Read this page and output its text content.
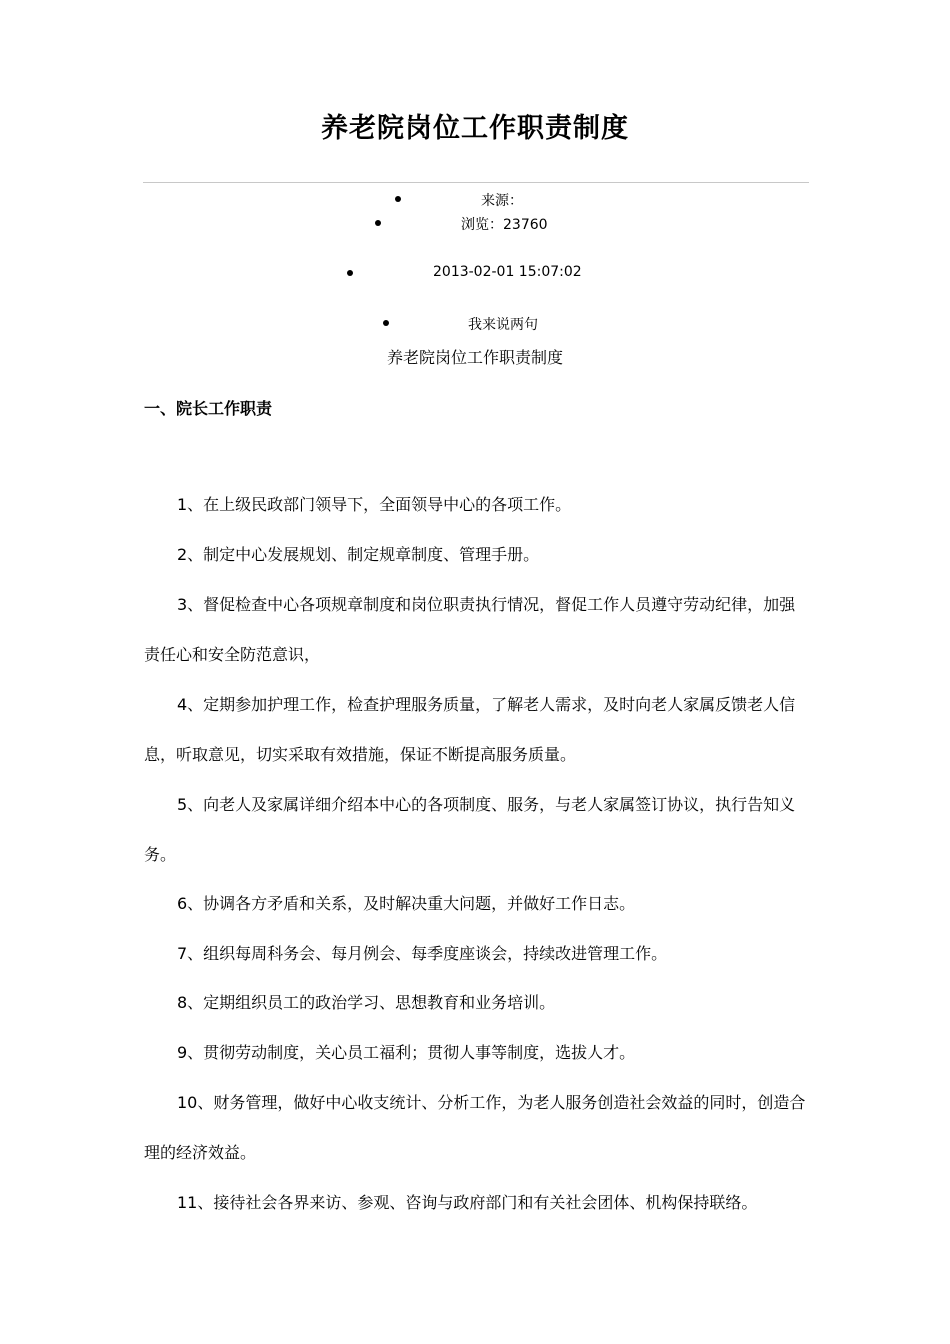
养老院岗位工作职责制度
来源：
浏览：23760
2013-02-01 15:07:02
我来说两句
养老院岗位工作职责制度
一、院长工作职责
1、在上级民政部门领导下，全面领导中心的各项工作。
2、制定中心发展规划、制定规章制度、管理手册。
3、督促检查中心各项规章制度和岗位职责执行情况，督促工作人员遵守劳动纪律，加强责任心和安全防范意识，
4、定期参加护理工作，检查护理服务质量，了解老人需求，及时向老人家属反馈老人信息，听取意见，切实采取有效措施，保证不断提高服务质量。
5、向老人及家属详细介绍本中心的各项制度、服务，与老人家属签订协议，执行告知义务。
6、协调各方矛盾和关系，及时解决重大问题，并做好工作日志。
7、组织每周科务会、每月例会、每季度座谈会，持续改进管理工作。
8、定期组织员工的政治学习、思想教育和业务培训。
9、贯彻劳动制度，关心员工福利；贯彻人事等制度，选拔人才。
10、财务管理，做好中心收支统计、分析工作，为老人服务创造社会效益的同时，创造合理的经济效益。
11、接待社会各界来访、参观、咨询与政府部门和有关社会团体、机构保持联络。
